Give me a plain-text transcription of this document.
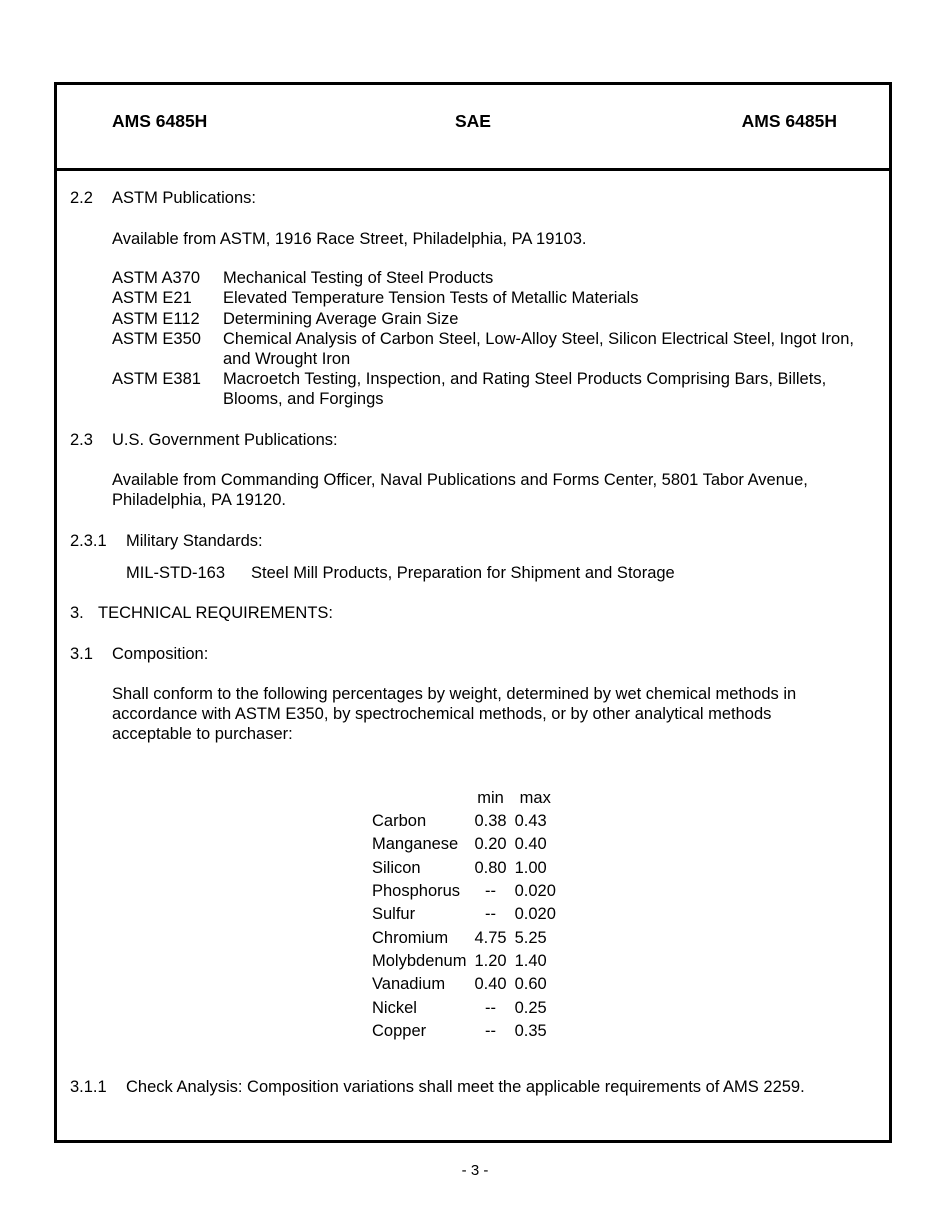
AMS 6485H	SAE	AMS 6485H
2.2 ASTM Publications:
Available from ASTM, 1916 Race Street, Philadelphia, PA 19103.
ASTM A370 Mechanical Testing of Steel Products
ASTM E21 Elevated Temperature Tension Tests of Metallic Materials
ASTM E112 Determining Average Grain Size
ASTM E350 Chemical Analysis of Carbon Steel, Low-Alloy Steel, Silicon Electrical Steel, Ingot Iron, and Wrought Iron
ASTM E381 Macroetch Testing, Inspection, and Rating Steel Products Comprising Bars, Billets, Blooms, and Forgings
2.3 U.S. Government Publications:
Available from Commanding Officer, Naval Publications and Forms Center, 5801 Tabor Avenue, Philadelphia, PA 19120.
2.3.1 Military Standards:
MIL-STD-163 Steel Mill Products, Preparation for Shipment and Storage
3. TECHNICAL REQUIREMENTS:
3.1 Composition:
Shall conform to the following percentages by weight, determined by wet chemical methods in accordance with ASTM E350, by spectrochemical methods, or by other analytical methods acceptable to purchaser:
	min	max
Carbon	0.38	0.43
Manganese	0.20	0.40
Silicon	0.80	1.00
Phosphorus	--	0.020
Sulfur	--	0.020
Chromium	4.75	5.25
Molybdenum	1.20	1.40
Vanadium	0.40	0.60
Nickel	--	0.25
Copper	--	0.35
3.1.1 Check Analysis: Composition variations shall meet the applicable requirements of AMS 2259.
- 3 -
